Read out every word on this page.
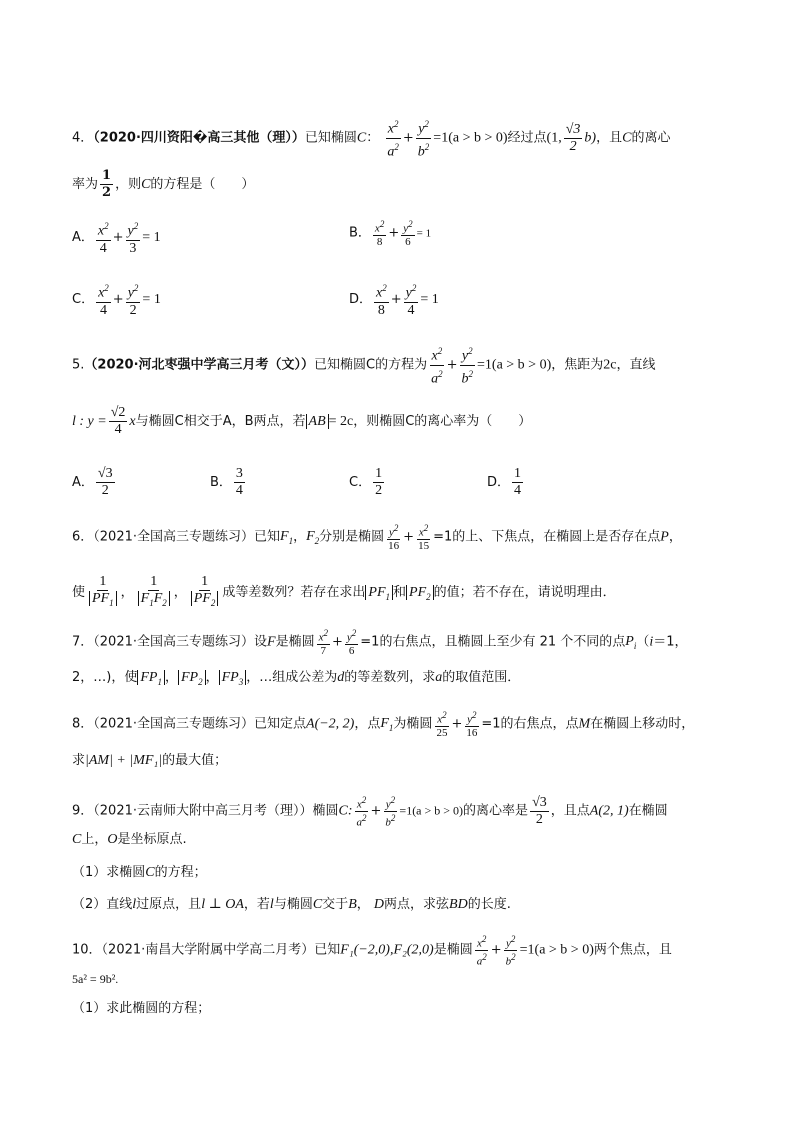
4．（2020·四川资阳�高三其他（理））已知椭圆C： $\frac{x^2}{a^2} + \frac{y^2}{b^2} =1(a > b > 0)$经过点(1, $\frac{√3}{2} b$)，且C的离心
率为 $\frac{1}{2}$ ，则C的方程是（　　）
A． $\frac{x^2}{4} + \frac{y^2}{3} = 1$	B． $\frac{x^2}{8} + \frac{y^2}{6} = 1$
C． $\frac{x^2}{4} + \frac{y^2}{2} = 1$	D． $\frac{x^2}{8} + \frac{y^2}{4} = 1$
5.（2020·河北枣强中学高三月考（文））已知椭圆C的方程为 $\frac{x^2}{a^2} + \frac{y^2}{b^2} =1(a > b > 0)$，焦距为2c，直线
l : $y = \frac{√2}{4}$ x与椭圆C相交于A，B两点，若 AB = 2c，则椭圆C的离心率为（　　）
A． $\frac{√3}{2}$	B． $\frac{3}{4}$	C． $\frac{1}{2}$	D． $\frac{1}{4}$
6．（2021·全国高三专题练习）已知$F_1$，$F_2$分别是椭圆 $\frac{y^2}{16} + \frac{x^2}{15} =1$的上、下焦点，在椭圆上是否存在点P，
使 $\frac{1}{PF_1}$ ， $\frac{1}{F_1F_2}$ ， $\frac{1}{PF_2}$ 成等差数列？若存在求出 $PF_1$ 和 $PF_2$ 的值；若不存在，请说明理由．
7．（2021·全国高三专题练习）设F是椭圆 $\frac{x^2}{7} + \frac{y^2}{6} =1$的右焦点，且椭圆上至少有 21 个不同的点$P_i(i=1$，
2，…)，使 $FP_1$ ， $FP_2$ ， $FP_3$ ，…组成公差为d的等差数列，求a的取值范围．
8．（2021·全国高三专题练习）已知定点A(−2, 2)，点$F_1$为椭圆 $\frac{x^2}{25} + \frac{y^2}{16} =1$的右焦点，点M在椭圆上移动时，
求|AM| + |MF₁|的最大值；
9．（2021·云南师大附中高三月考（理））椭圆C: $\frac{x^2}{a^2} + \frac{y^2}{b^2} =1(a > b > 0)$的离心率是 $\frac{√3}{2}$ ，且点A(2, 1)在椭圆
C上，O是坐标原点.
（1）求椭圆C的方程；
（2）直线l过原点，且l ⊥ OA，若l与椭圆C交于B， D两点，求弦BD的长度.
10．（2021·南昌大学附属中学高二月考）已知F₁(−2,0),F₂(2,0)是椭圆 $\frac{x^2}{a^2} + \frac{y^2}{b^2} =1(a > b > 0)$两个焦点，且
5a² = 9b².
（1）求此椭圆的方程；
